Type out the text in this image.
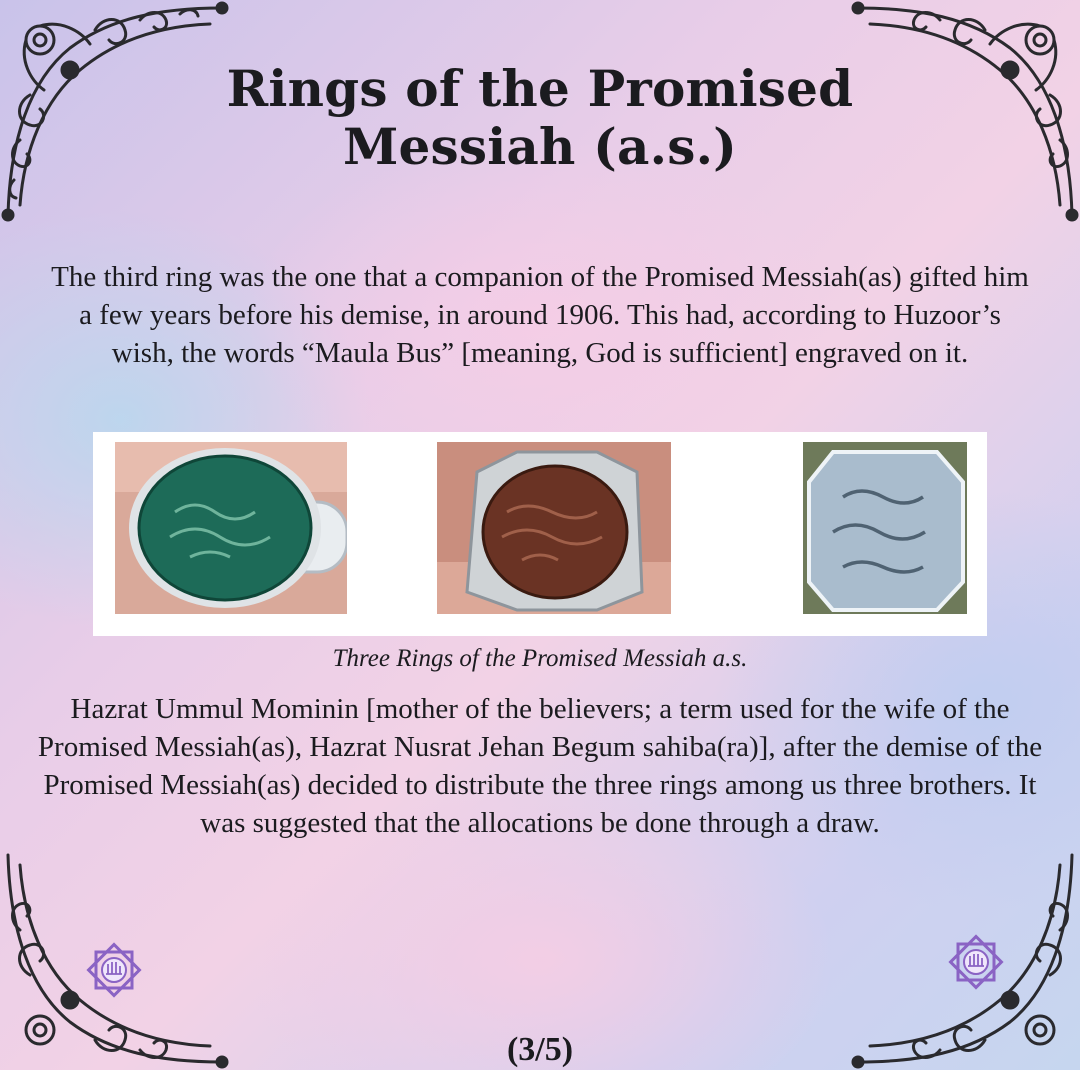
Rings of the Promised Messiah (a.s.)
The third ring was the one that a companion of the Promised Messiah(as) gifted him a few years before his demise, in around 1906. This had, according to Huzoor’s wish, the words “Maula Bus” [meaning, God is sufficient] engraved on it.
Three Rings of the Promised Messiah a.s.
Hazrat Ummul Mominin [mother of the believers; a term used for the wife of the Promised Messiah(as), Hazrat Nusrat Jehan Begum sahiba(ra)], after the demise of the Promised Messiah(as) decided to distribute the three rings among us three brothers. It was suggested that the allocations be done through a draw.
(3/5)
